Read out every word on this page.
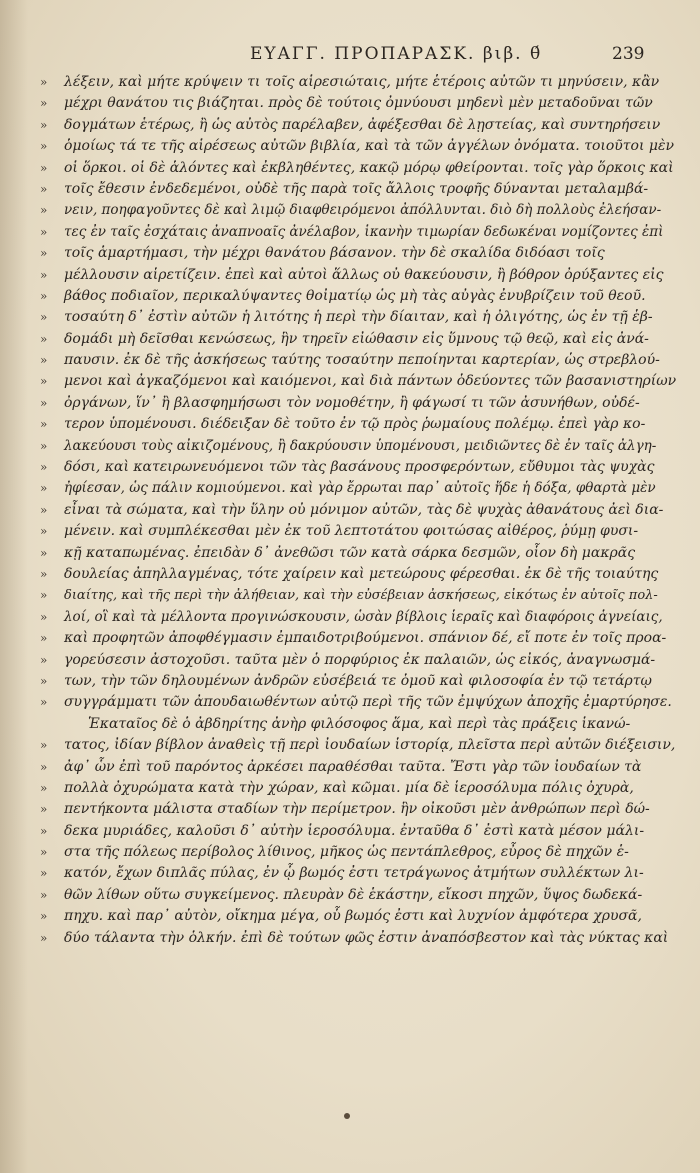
ΕΥΑΓΓ. ΠΡΟΠΑΡΑΣΚ. βιβ. θ́	239
» λέξειν, καὶ μήτε κρύψειν τι τοῖς αἱρεσιώταις, μήτε ἑτέροις αὐτῶν τι μηνύσειν, κἂν
» μέχρι θανάτου τις βιάζηται. πρὸς δὲ τούτοις ὀμνύουσι μηδενὶ μὲν μεταδοῦναι τῶν
» δογμάτων ἑτέρως, ἢ ὡς αὐτὸς παρέλαβεν, ἀφέξεσθαι δὲ λῃστείας, καὶ συντηρήσειν
» ὁμοίως τά τε τῆς αἱρέσεως αὐτῶν βιβλία, καὶ τὰ τῶν ἀγγέλων ὀνόματα. τοιοῦτοι μὲν
» οἱ ὅρκοι. οἱ δὲ ἁλόντες καὶ ἐκβληθέντες, κακῷ μόρῳ φθείρονται. τοῖς γὰρ ὅρκοις καὶ
» τοῖς ἔθεσιν ἐνδεδεμένοι, οὐδὲ τῆς παρὰ τοῖς ἄλλοις τροφῆς δύνανται μεταλαμβά-
» νειν, ποηφαγοῦντες δὲ καὶ λιμῷ διαφθειρόμενοι ἀπόλλυνται. διὸ δὴ πολλοὺς ἐλεήσαν-
» τες ἐν ταῖς ἐσχάταις ἀναπνοαῖς ἀνέλαβον, ἱκανὴν τιμωρίαν δεδωκέναι νομίζοντες ἐπὶ
» τοῖς ἁμαρτήμασι, τὴν μέχρι θανάτου βάσανον. τὴν δὲ σκαλίδα διδόασι τοῖς
» μέλλουσιν αἱρετίζειν. ἐπεὶ καὶ αὐτοὶ ἅλλως οὐ θακεύουσιν, ἢ βόθρον ὀρύξαντες εἰς
» βάθος ποδιαῖον, περικαλύψαντες θοἰματίῳ ὡς μὴ τὰς αὐγὰς ἐνυβρίζειν τοῦ θεοῦ.
» τοσαύτη δ᾽ ἐστὶν αὐτῶν ἡ λιτότης ἡ περὶ τὴν δίαιταν, καὶ ἡ ὀλιγότης, ὡς ἐν τῇ ἑβ-
» δομάδι μὴ δεῖσθαι κενώσεως, ἣν τηρεῖν εἰώθασιν εἰς ὕμνους τῷ θεῷ, καὶ εἰς ἀνά-
» παυσιν. ἐκ δὲ τῆς ἀσκήσεως ταύτης τοσαύτην πεποίηνται καρτερίαν, ὡς στρεβλού-
» μενοι καὶ ἀγκαζόμενοι καὶ καιόμενοι, καὶ διὰ πάντων ὁδεύοντες τῶν βασανιστηρίων
» ὀργάνων, ἵν᾽ ἢ βλασφημήσωσι τὸν νομοθέτην, ἢ φάγωσί τι τῶν ἀσυνήθων, οὐδέ-
» τερον ὑπομένουσι. διέδειξαν δὲ τοῦτο ἐν τῷ πρὸς ῥωμαίους πολέμῳ. ἐπεὶ γὰρ κο-
» λακεύουσι τοὺς αἰκιζομένους, ἢ δακρύουσιν ὑπομένουσι, μειδιῶντες δὲ ἐν ταῖς ἀλγη-
» δόσι, καὶ κατειρωνευόμενοι τῶν τὰς βασάνους προσφερόντων, εὔθυμοι τὰς ψυχὰς
» ἠφίεσαν, ὡς πάλιν κομιούμενοι. καὶ γὰρ ἔρρωται παρ᾽ αὐτοῖς ἥδε ἡ δόξα, φθαρτὰ μὲν
» εἶναι τὰ σώματα, καὶ τὴν ὕλην οὐ μόνιμον αὐτῶν, τὰς δὲ ψυχὰς ἀθανάτους ἀεὶ δια-
» μένειν. καὶ συμπλέκεσθαι μὲν ἐκ τοῦ λεπτοτάτου φοιτώσας αἰθέρος, ῥύμῃ φυσι-
» κῇ καταπωμένας. ἐπειδὰν δ᾽ ἀνεθῶσι τῶν κατὰ σάρκα δεσμῶν, οἷον δὴ μακρᾶς
» δουλείας ἀπηλλαγμένας, τότε χαίρειν καὶ μετεώρους φέρεσθαι. ἐκ δὲ τῆς τοιαύτης
» διαίτης, καὶ τῆς περὶ τὴν ἀλήθειαν, καὶ τὴν εὐσέβειαν ἀσκήσεως, εἰκότως ἐν αὐτοῖς πολ-
» λοί, οἳ καὶ τὰ μέλλοντα προγινώσκουσιν, ὡσὰν βίβλοις ἱεραῖς καὶ διαφόροις ἁγνείαις,
» καὶ προφητῶν ἀποφθέγμασιν ἐμπαιδοτριβούμενοι. σπάνιον δέ, εἴ ποτε ἐν τοῖς προα-
» γορεύσεσιν ἀστοχοῦσι. ταῦτα μὲν ὁ πορφύριος ἐκ παλαιῶν, ὡς εἰκός, ἀναγνωσμά-
» των, τὴν τῶν δηλουμένων ἀνδρῶν εὐσέβειά τε ὁμοῦ καὶ φιλοσοφία ἐν τῷ τετάρτῳ
» συγγράμματι τῶν ἀπουδαιωθέντων αὐτῷ περὶ τῆς τῶν ἐμψύχων ἀποχῆς ἐμαρτύρησε.
Ἑκαταῖος δὲ ὁ ἀβδηρίτης ἀνὴρ φιλόσοφος ἅμα, καὶ περὶ τὰς πράξεις ἱκανώ-
» τατος, ἰδίαν βίβλον ἀναθεὶς τῇ περὶ ἰουδαίων ἱστορίᾳ, πλεῖστα περὶ αὐτῶν διέξεισιν,
» ἀφ᾽ ὧν ἐπὶ τοῦ παρόντος ἀρκέσει παραθέσθαι ταῦτα. Ἔστι γὰρ τῶν ἰουδαίων τὰ
» πολλὰ ὀχυρώματα κατὰ τὴν χώραν, καὶ κῶμαι. μία δὲ ἱεροσόλυμα πόλις ὀχυρὰ,
» πεντήκοντα μάλιστα σταδίων τὴν περίμετρον. ἣν οἰκοῦσι μὲν ἀνθρώπων περὶ δώ-
» δεκα μυριάδες, καλοῦσι δ᾽ αὐτὴν ἱεροσόλυμα. ἐνταῦθα δ᾽ ἐστὶ κατὰ μέσον μάλι-
» στα τῆς πόλεως περίβολος λίθινος, μῆκος ὡς πεντάπλεθρος, εὖρος δὲ πηχῶν ἑ-
» κατόν, ἔχων διπλᾶς πύλας, ἐν ᾧ βωμός ἐστι τετράγωνος ἀτμήτων συλλέκτων λι-
» θῶν λίθων οὕτω συγκείμενος. πλευρὰν δὲ ἑκάστην, εἴκοσι πηχῶν, ὕψος δωδεκά-
» πηχυ. καὶ παρ᾽ αὐτὸν, οἴκημα μέγα, οὗ βωμός ἐστι καὶ λυχνίον ἀμφότερα χρυσᾶ,
» δύο τάλαντα τὴν ὁλκήν. ἐπὶ δὲ τούτων φῶς ἐστιν ἀναπόσβεστον καὶ τὰς νύκτας καὶ
